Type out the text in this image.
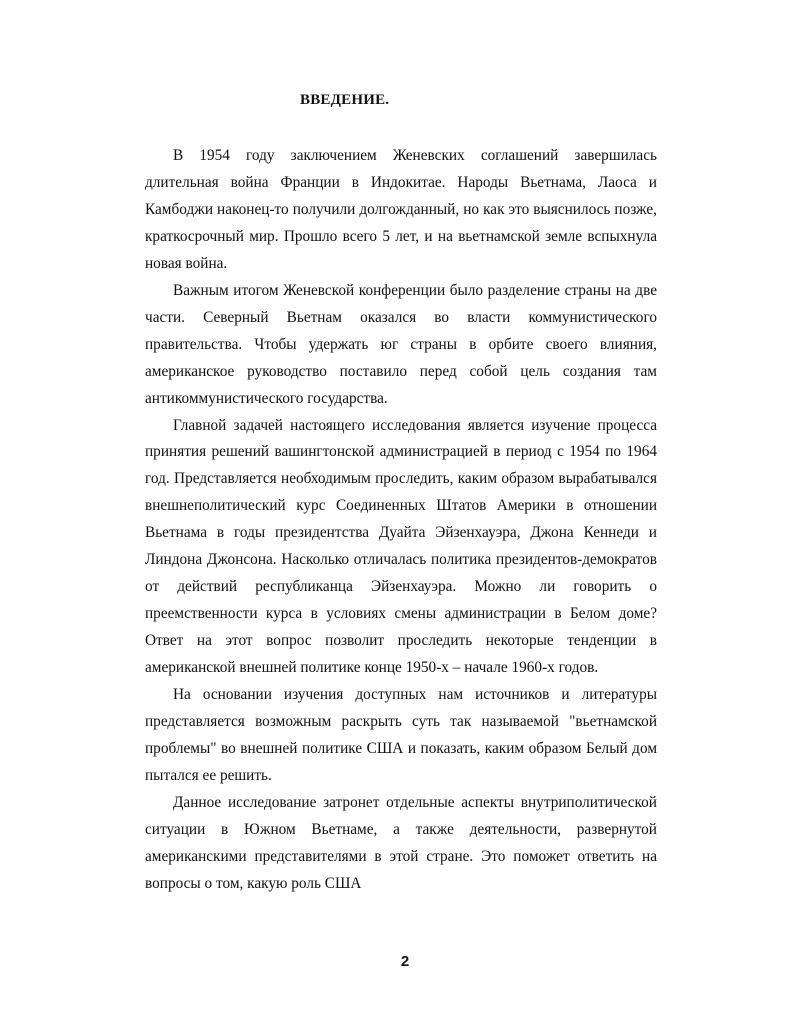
ВВЕДЕНИЕ.

В 1954 году заключением Женевских соглашений завершилась длительная война Франции в Индокитае. Народы Вьетнама, Лаоса и Камбоджи наконец-то получили долгожданный, но как это выяснилось позже, краткосрочный мир. Прошло всего 5 лет, и на вьетнамской земле вспыхнула новая война.

Важным итогом Женевской конференции было разделение страны на две части. Северный Вьетнам оказался во власти коммунистического правительства. Чтобы удержать юг страны в орбите своего влияния, американское руководство поставило перед собой цель создания там антикоммунистического государства.

Главной задачей настоящего исследования является изучение процесса принятия решений вашингтонской администрацией в период с 1954 по 1964 год. Представляется необходимым проследить, каким образом вырабатывался внешнеполитический курс Соединенных Штатов Америки в отношении Вьетнама в годы президентства Дуайта Эйзенхауэра, Джона Кеннеди и Линдона Джонсона. Насколько отличалась политика президентов-демократов от действий республиканца Эйзенхауэра. Можно ли говорить о преемственности курса в условиях смены администрации в Белом доме? Ответ на этот вопрос позволит проследить некоторые тенденции в американской внешней политике конце 1950-х – начале 1960-х годов.

На основании изучения доступных нам источников и литературы представляется возможным раскрыть суть так называемой "вьетнамской проблемы" во внешней политике США и показать, каким образом Белый дом пытался ее решить.

Данное исследование затронет отдельные аспекты внутриполитической ситуации в Южном Вьетнаме, а также деятельности, развернутой американскими представителями в этой стране. Это поможет ответить на вопросы о том, какую роль США

2
